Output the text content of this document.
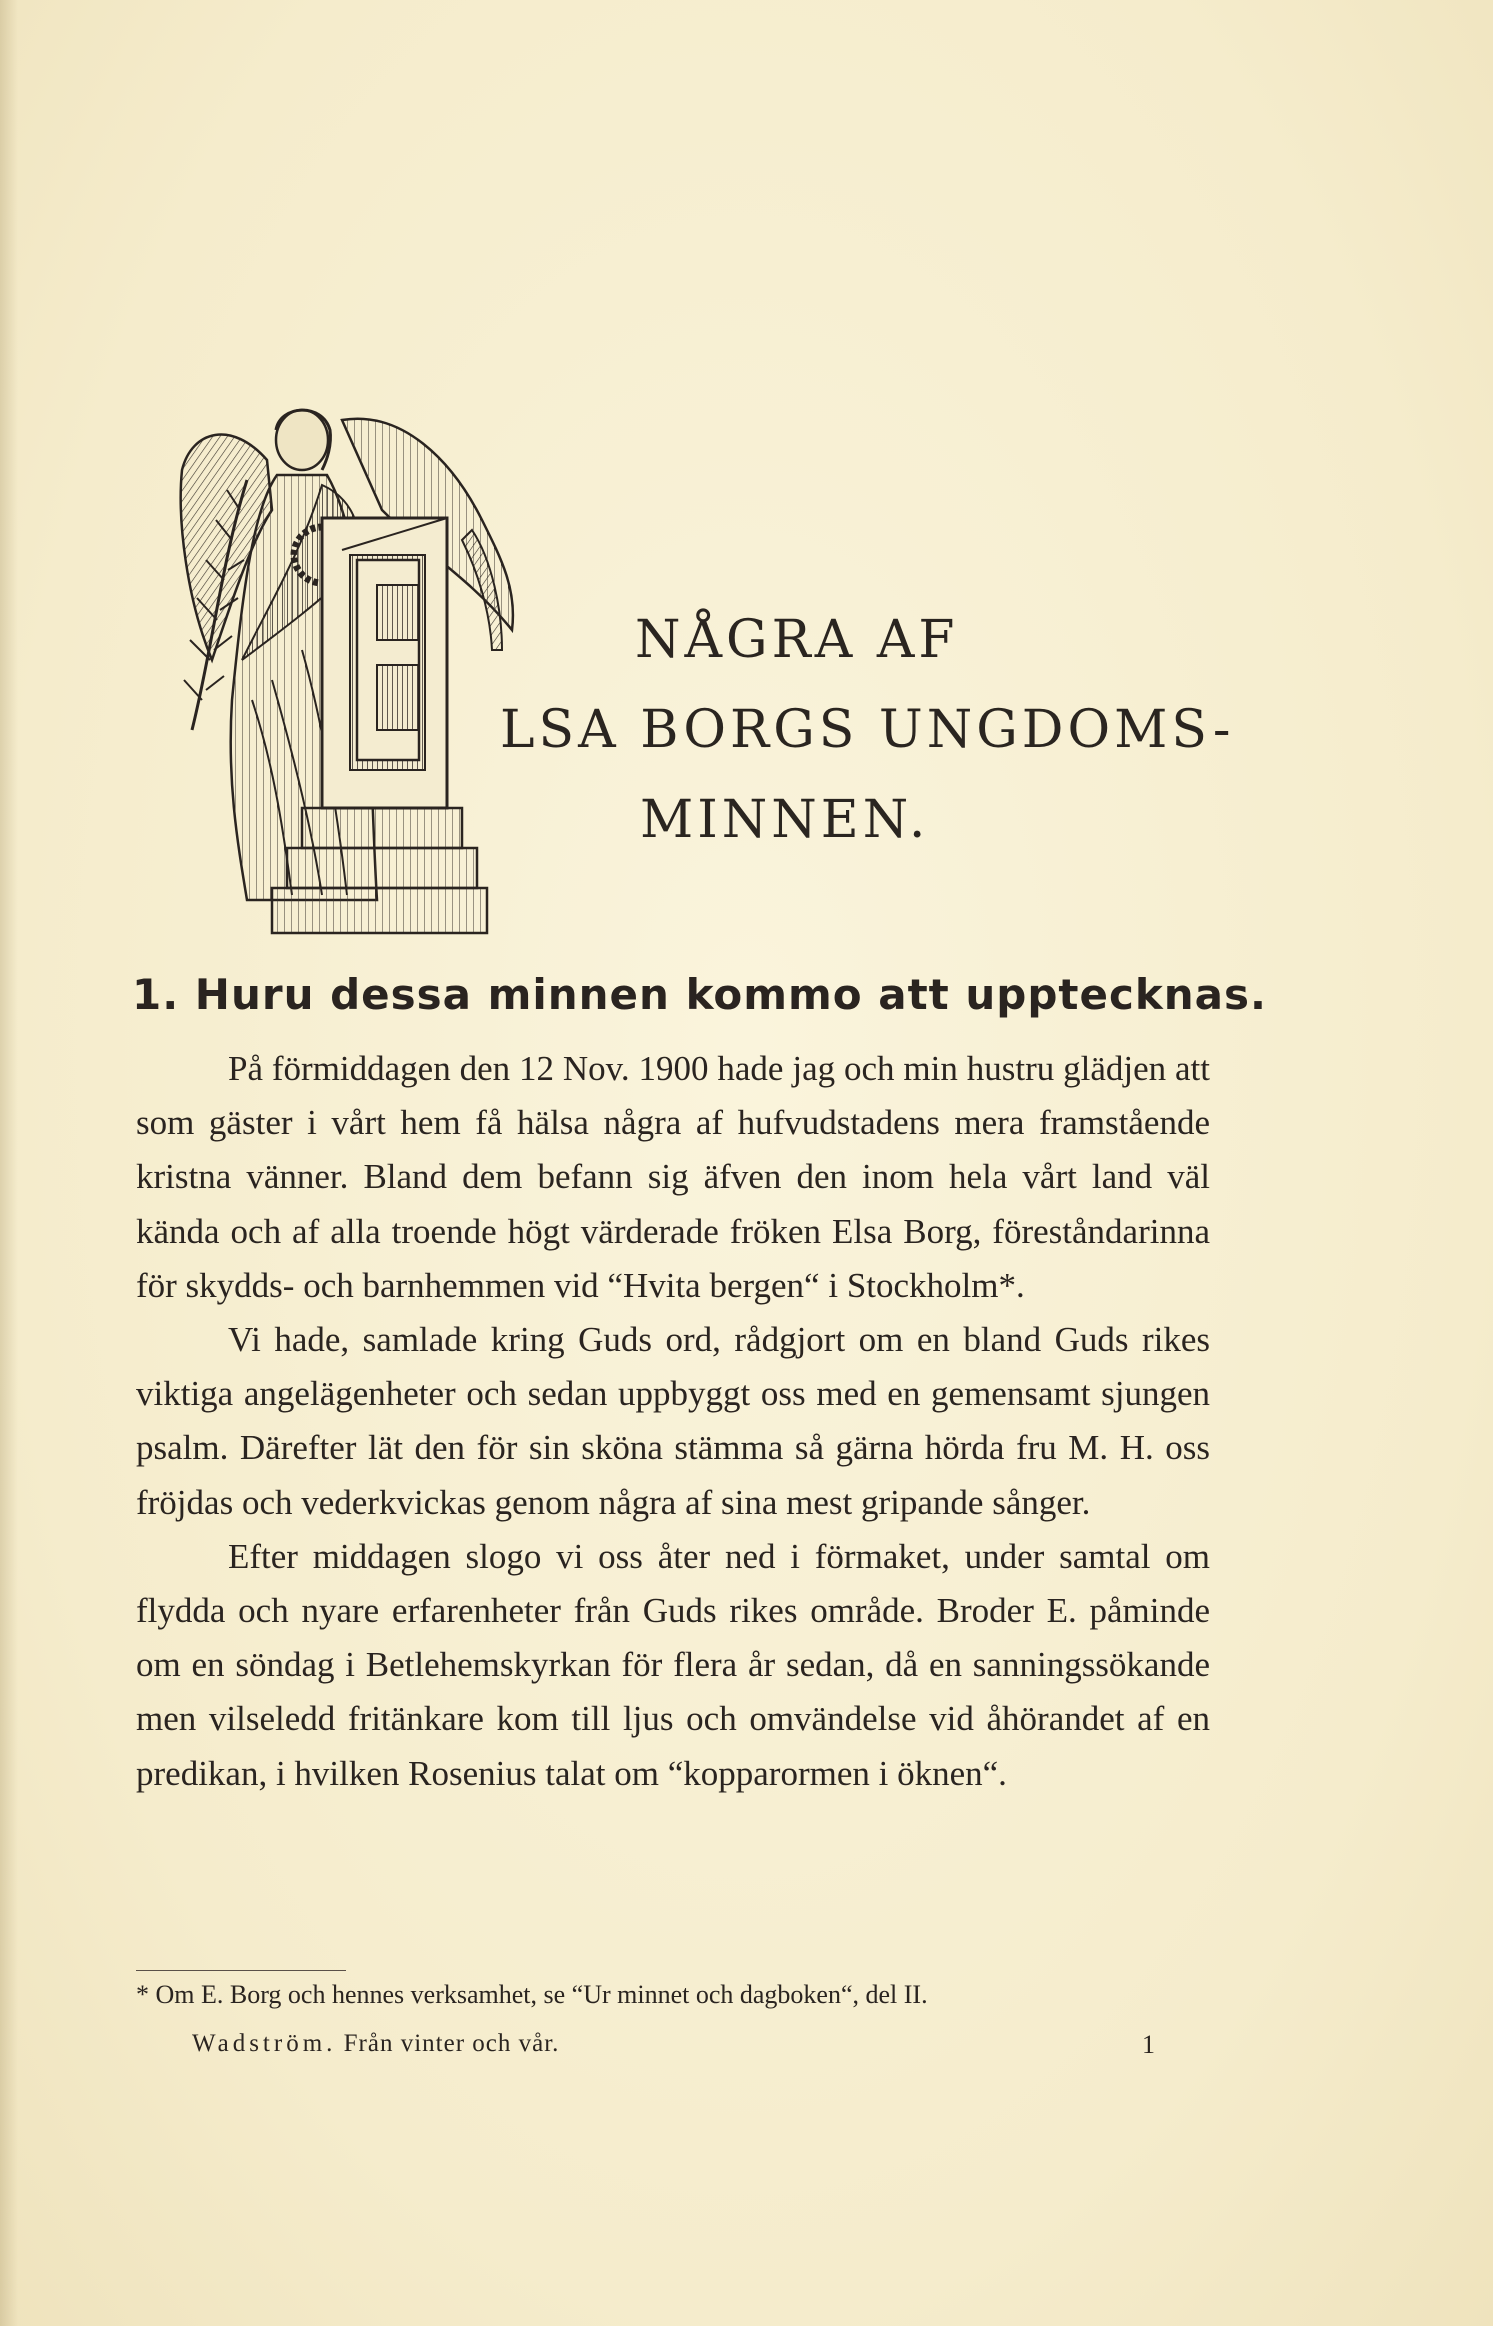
NÅGRA AF
LSA BORGS UNGDOMS-
MINNEN.
1. Huru dessa minnen kommo att upptecknas.

På förmiddagen den 12 Nov. 1900 hade jag och min hustru glädjen att som gäster i vårt hem få hälsa några af hufvudstadens mera framstående kristna vänner. Bland dem befann sig äfven den inom hela vårt land väl kända och af alla troende högt värderade fröken Elsa Borg, föreståndarinna för skydds- och barnhemmen vid “Hvita bergen“ i Stockholm*.

Vi hade, samlade kring Guds ord, rådgjort om en bland Guds rikes viktiga angelägenheter och sedan uppbyggt oss med en gemensamt sjungen psalm. Därefter lät den för sin sköna stämma så gärna hörda fru M. H. oss fröjdas och vederkvickas genom några af sina mest gripande sånger.

Efter middagen slogo vi oss åter ned i förmaket, under samtal om flydda och nyare erfarenheter från Guds rikes område. Broder E. påminde om en söndag i Betlehemskyrkan för flera år sedan, då en sanningssökande men vilseledd fritänkare kom till ljus och omvändelse vid åhörandet af en predikan, i hvilken Rosenius talat om “kopparormen i öknen“.

* Om E. Borg och hennes verksamhet, se “Ur minnet och dagboken“, del II.
Wadström. Från vinter och vår.	1
